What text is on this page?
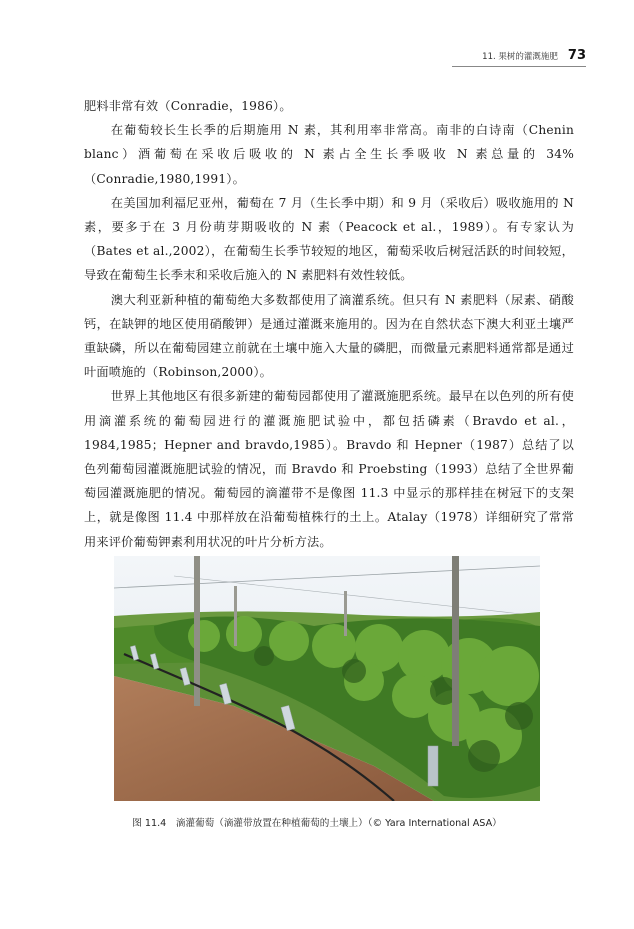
11. 果树的灌溉施肥 73

肥料非常有效（Conradie，1986）。

在葡萄较长生长季的后期施用 N 素，其利用率非常高。南非的白诗南（Chenin blanc）酒葡萄在采收后吸收的 N 素占全生长季吸收 N 素总量的 34%（Conradie,1980,1991）。

在美国加利福尼亚州，葡萄在 7 月（生长季中期）和 9 月（采收后）吸收施用的 N 素，要多于在 3 月份萌芽期吸收的 N 素（Peacock et al.，1989）。有专家认为（Bates et al.,2002），在葡萄生长季节较短的地区，葡萄采收后树冠活跃的时间较短，导致在葡萄生长季末和采收后施入的 N 素肥料有效性较低。

澳大利亚新种植的葡萄绝大多数都使用了滴灌系统。但只有 N 素肥料（尿素、硝酸钙，在缺钾的地区使用硝酸钾）是通过灌溉来施用的。因为在自然状态下澳大利亚土壤严重缺磷，所以在葡萄园建立前就在土壤中施入大量的磷肥，而微量元素肥料通常都是通过叶面喷施的（Robinson,2000）。

世界上其他地区有很多新建的葡萄园都使用了灌溉施肥系统。最早在以色列的所有使用滴灌系统的葡萄园进行的灌溉施肥试验中，都包括磷素（Bravdo et al.，1984,1985；Hepner and bravdo,1985）。Bravdo 和 Hepner（1987）总结了以色列葡萄园灌溉施肥试验的情况，而 Bravdo 和 Proebsting（1993）总结了全世界葡萄园灌溉施肥的情况。葡萄园的滴灌带不是像图 11.3 中显示的那样挂在树冠下的支架上，就是像图 11.4 中那样放在沿葡萄植株行的土上。Atalay（1978）详细研究了常常用来评价葡萄钾素利用状况的叶片分析方法。

图 11.4　滴灌葡萄（滴灌带放置在种植葡萄的土壤上）（© Yara International ASA）
